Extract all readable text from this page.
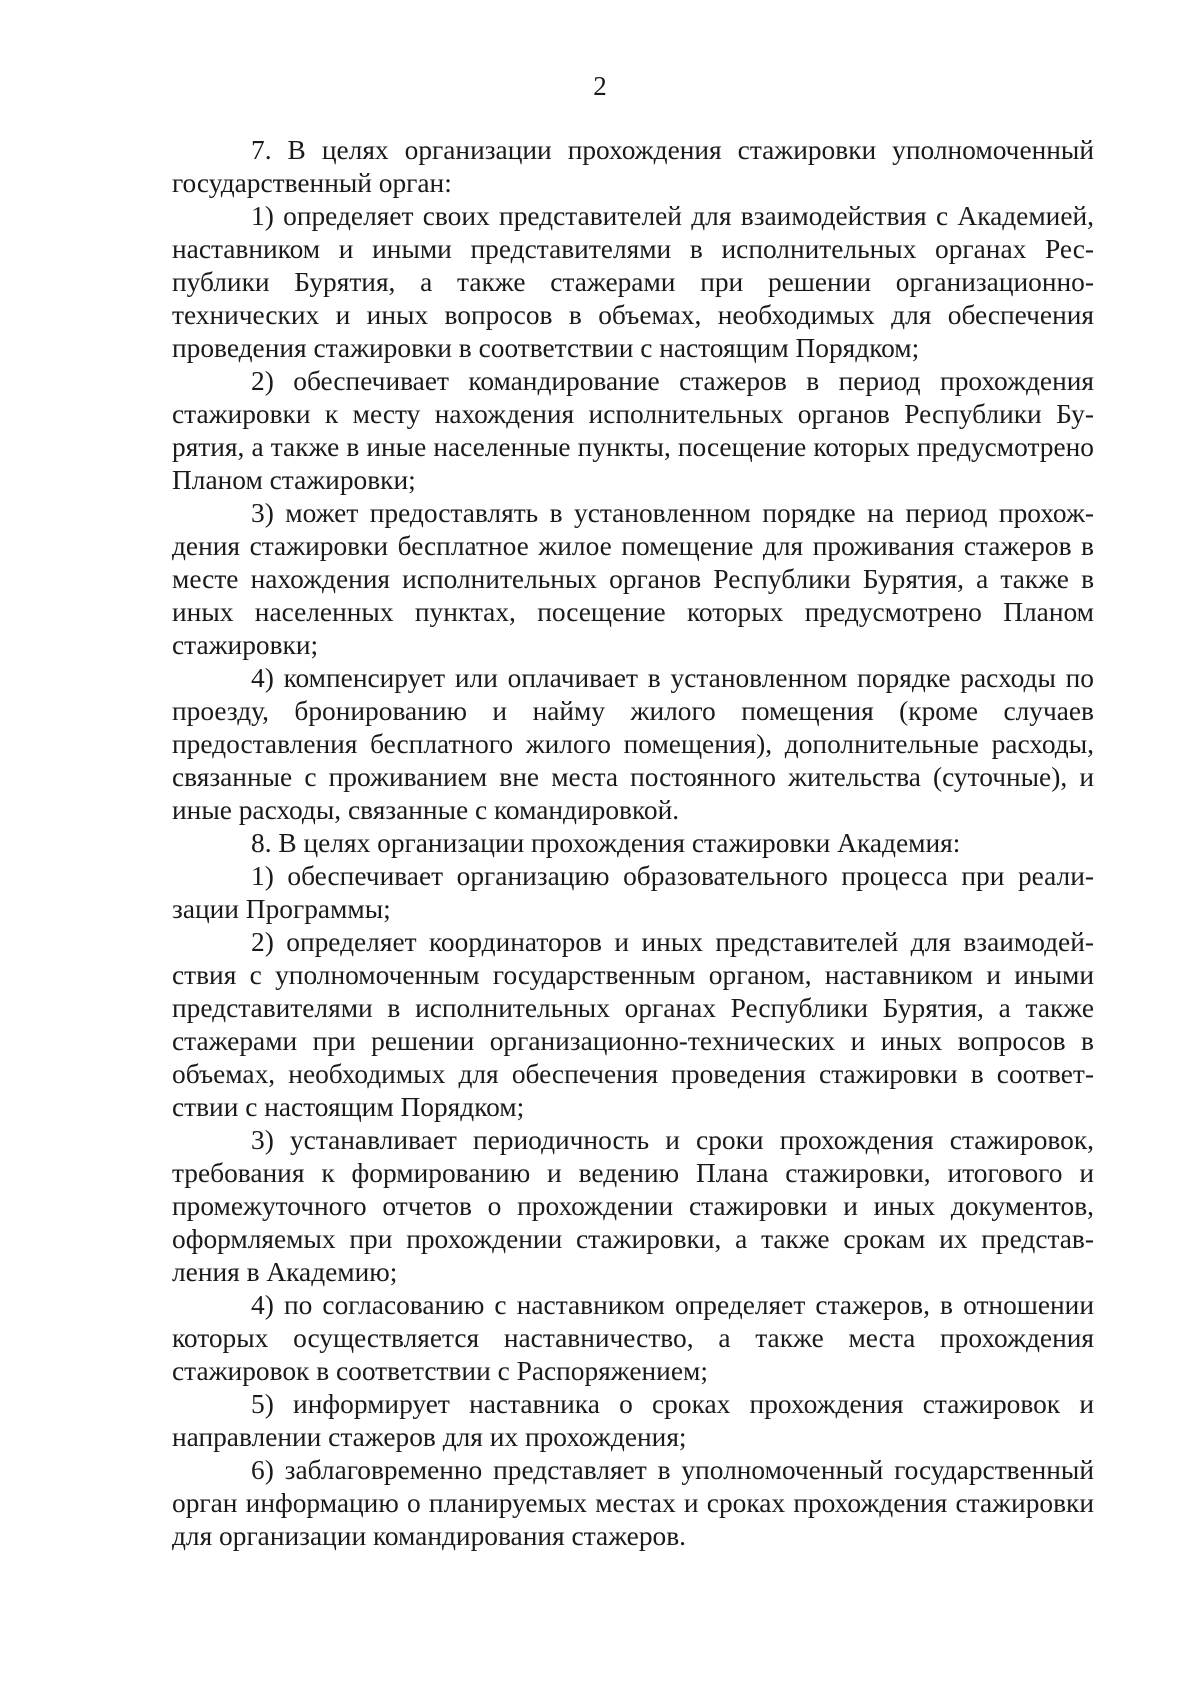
2

7. В целях организации прохождения стажировки уполномоченный государственный орган:

1) определяет своих представителей для взаимодействия с Академией, наставником и иными представителями в исполнительных органах Республики Бурятия, а также стажерами при решении организационно-технических и иных вопросов в объемах, необходимых для обеспечения проведения стажировки в соответствии с настоящим Порядком;

2) обеспечивает командирование стажеров в период прохождения стажировки к месту нахождения исполнительных органов Республики Бурятия, а также в иные населенные пункты, посещение которых предусмотрено Планом стажировки;

3) может предоставлять в установленном порядке на период прохождения стажировки бесплатное жилое помещение для проживания стажеров в месте нахождения исполнительных органов Республики Бурятия, а также в иных населенных пунктах, посещение которых предусмотрено Планом стажировки;

4) компенсирует или оплачивает в установленном порядке расходы по проезду, бронированию и найму жилого помещения (кроме случаев предоставления бесплатного жилого помещения), дополнительные расходы, связанные с проживанием вне места постоянного жительства (суточные), и иные расходы, связанные с командировкой.

8. В целях организации прохождения стажировки Академия:

1) обеспечивает организацию образовательного процесса при реализации Программы;

2) определяет координаторов и иных представителей для взаимодействия с уполномоченным государственным органом, наставником и иными представителями в исполнительных органах Республики Бурятия, а также стажерами при решении организационно-технических и иных вопросов в объемах, необходимых для обеспечения проведения стажировки в соответствии с настоящим Порядком;

3) устанавливает периодичность и сроки прохождения стажировок, требования к формированию и ведению Плана стажировки, итогового и промежуточного отчетов о прохождении стажировки и иных документов, оформляемых при прохождении стажировки, а также срокам их представления в Академию;

4) по согласованию с наставником определяет стажеров, в отношении которых осуществляется наставничество, а также места прохождения стажировок в соответствии с Распоряжением;

5) информирует наставника о сроках прохождения стажировок и направлении стажеров для их прохождения;

6) заблаговременно представляет в уполномоченный государственный орган информацию о планируемых местах и сроках прохождения стажировки для организации командирования стажеров.
